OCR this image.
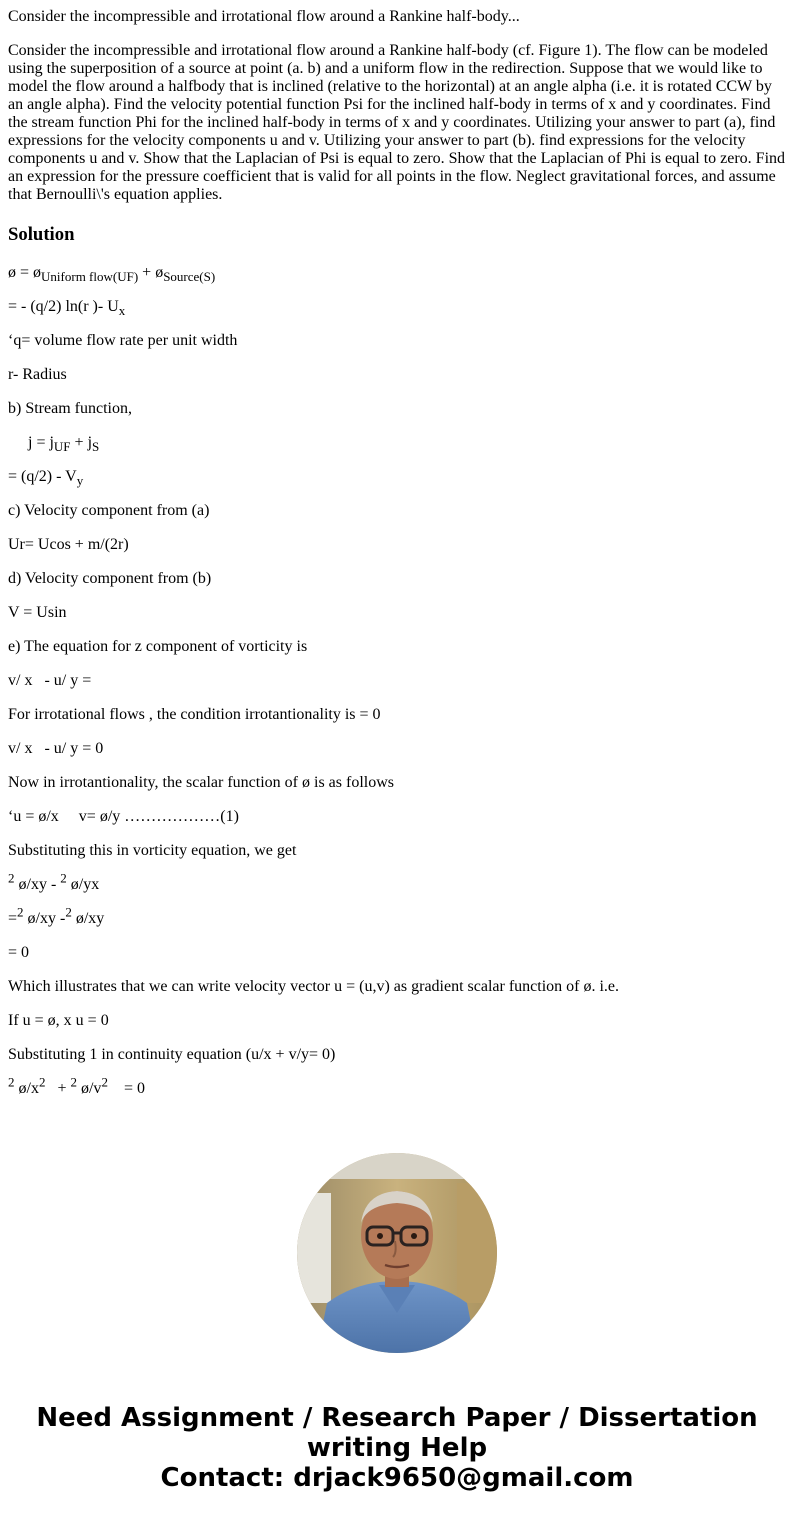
Consider the incompressible and irrotational flow around a Rankine half-body...

Consider the incompressible and irrotational flow around a Rankine half-body (cf. Figure 1). The flow can be modeled using the superposition of a source at point (a. b) and a uniform flow in the redirection. Suppose that we would like to model the flow around a halfbody that is inclined (relative to the horizontal) at an angle alpha (i.e. it is rotated CCW by an angle alpha). Find the velocity potential function Psi for the inclined half-body in terms of x and y coordinates. Find the stream function Phi for the inclined half-body in terms of x and y coordinates. Utilizing your answer to part (a), find expressions for the velocity components u and v. Utilizing your answer to part (b). find expressions for the velocity components u and v. Show that the Laplacian of Psi is equal to zero. Show that the Laplacian of Phi is equal to zero. Find an expression for the pressure coefficient that is valid for all points in the flow. Neglect gravitational forces, and assume that Bernoulli\'s equation applies.

Solution

ø = $ø_{Uniform flow(UF)}$ + $ø_{Source(S)}$

= - (q/2) ln(r )- $U_x$

‘q= volume flow rate per unit width

r- Radius

b) Stream function,

$j = j_{UF} + j_S$

= $(q/2) - V_y$

c) Velocity component from (a)

Ur= Ucos + m/(2r)

d) Velocity component from (b)

V = Usin

e) The equation for z component of vorticity is

v/ x   - u/ y =

For irrotational flows , the condition irrotantionality is = 0

v/ x   - u/ y = 0

Now in irrotantionality, the scalar function of ø is as follows

‘u = ø/x     v= ø/y ………………(1)

Substituting this in vorticity equation, we get

$^2$ ø/xy - $^2$ ø/yx

=$^2$ ø/xy -$^2$ ø/xy

= 0

Which illustrates that we can write velocity vector u = (u,v) as gradient scalar function of ø. i.e.

If u = ø, x u = 0

Substituting 1 in continuity equation (u/x + v/y= 0)

$^2$ $ø/x^2 + ^2$ $ø/v^2$    = 0

Need Assignment / Research Paper / Dissertation
writing Help
Contact: drjack9650@gmail.com
